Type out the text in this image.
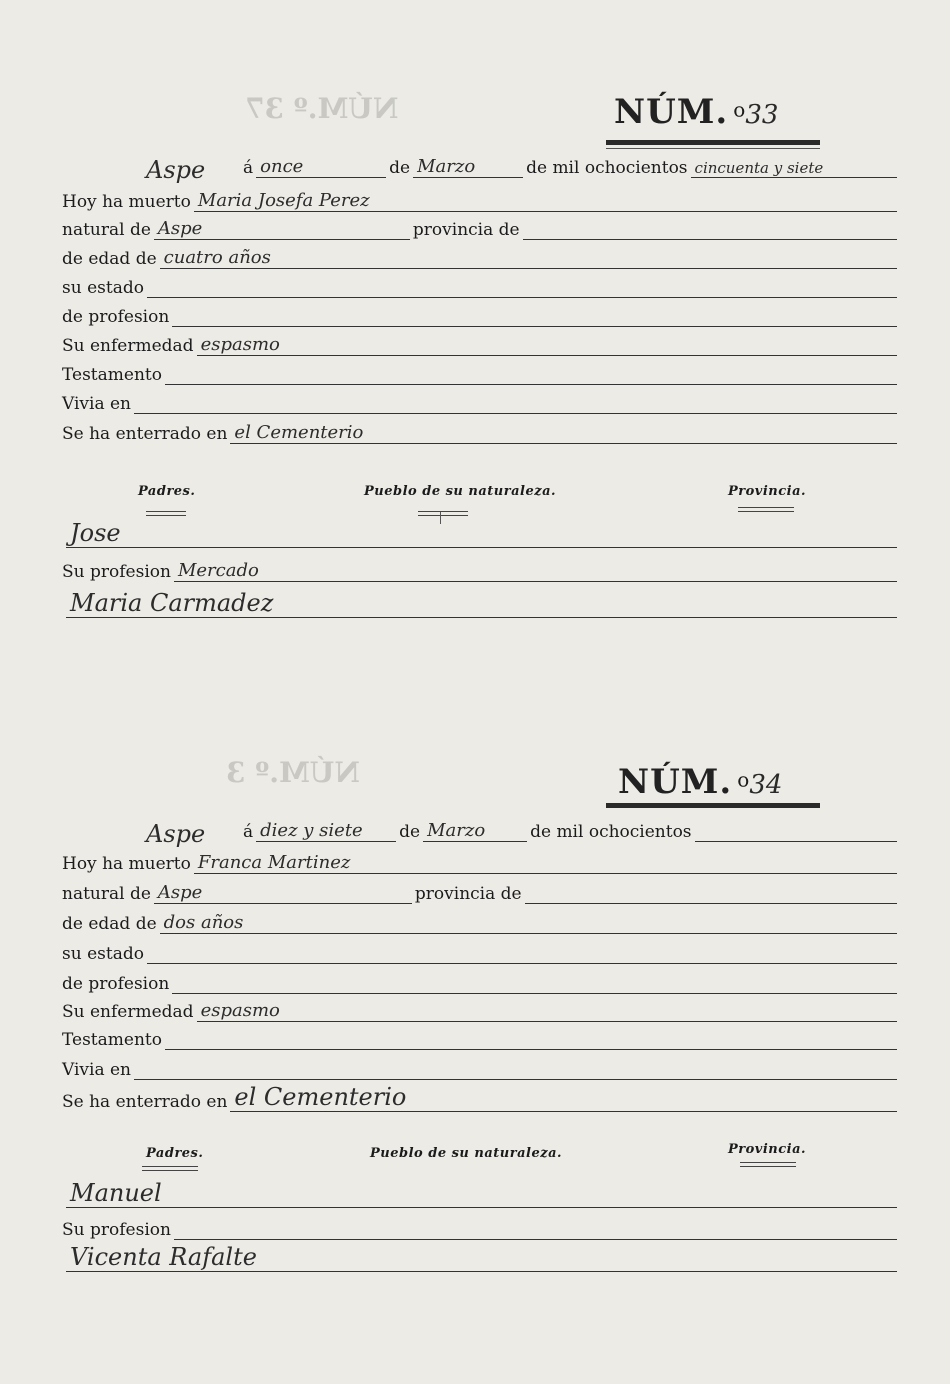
NÚM.º 37	NÚM. o33
Aspe á once	de Marzo	de mil ochocientos cincuenta y siete
Hoy ha muerto Maria Josefa Perez
natural de Aspe	provincia de
de edad de cuatro años
su estado
de profesion
Su enfermedad espasmo
Testamento
Vivia en
Se ha enterrado en el Cementerio
Padres.	Pueblo de su naturaleza.	Provincia.
Jose
Su profesion Mercado
Maria Carmadez
NÚM.º 3	NÚM. o34
Aspe á diez y siete de Marzo	de mil ochocientos
Hoy ha muerto Franca Martinez
natural de Aspe	provincia de
de edad de dos años
su estado
de profesion
Su enfermedad espasmo
Testamento
Vivia en
Se ha enterrado en el Cementerio
Padres.	Pueblo de su naturaleza.	Provincia.
Manuel
Su profesion
Vicenta Rafalte
